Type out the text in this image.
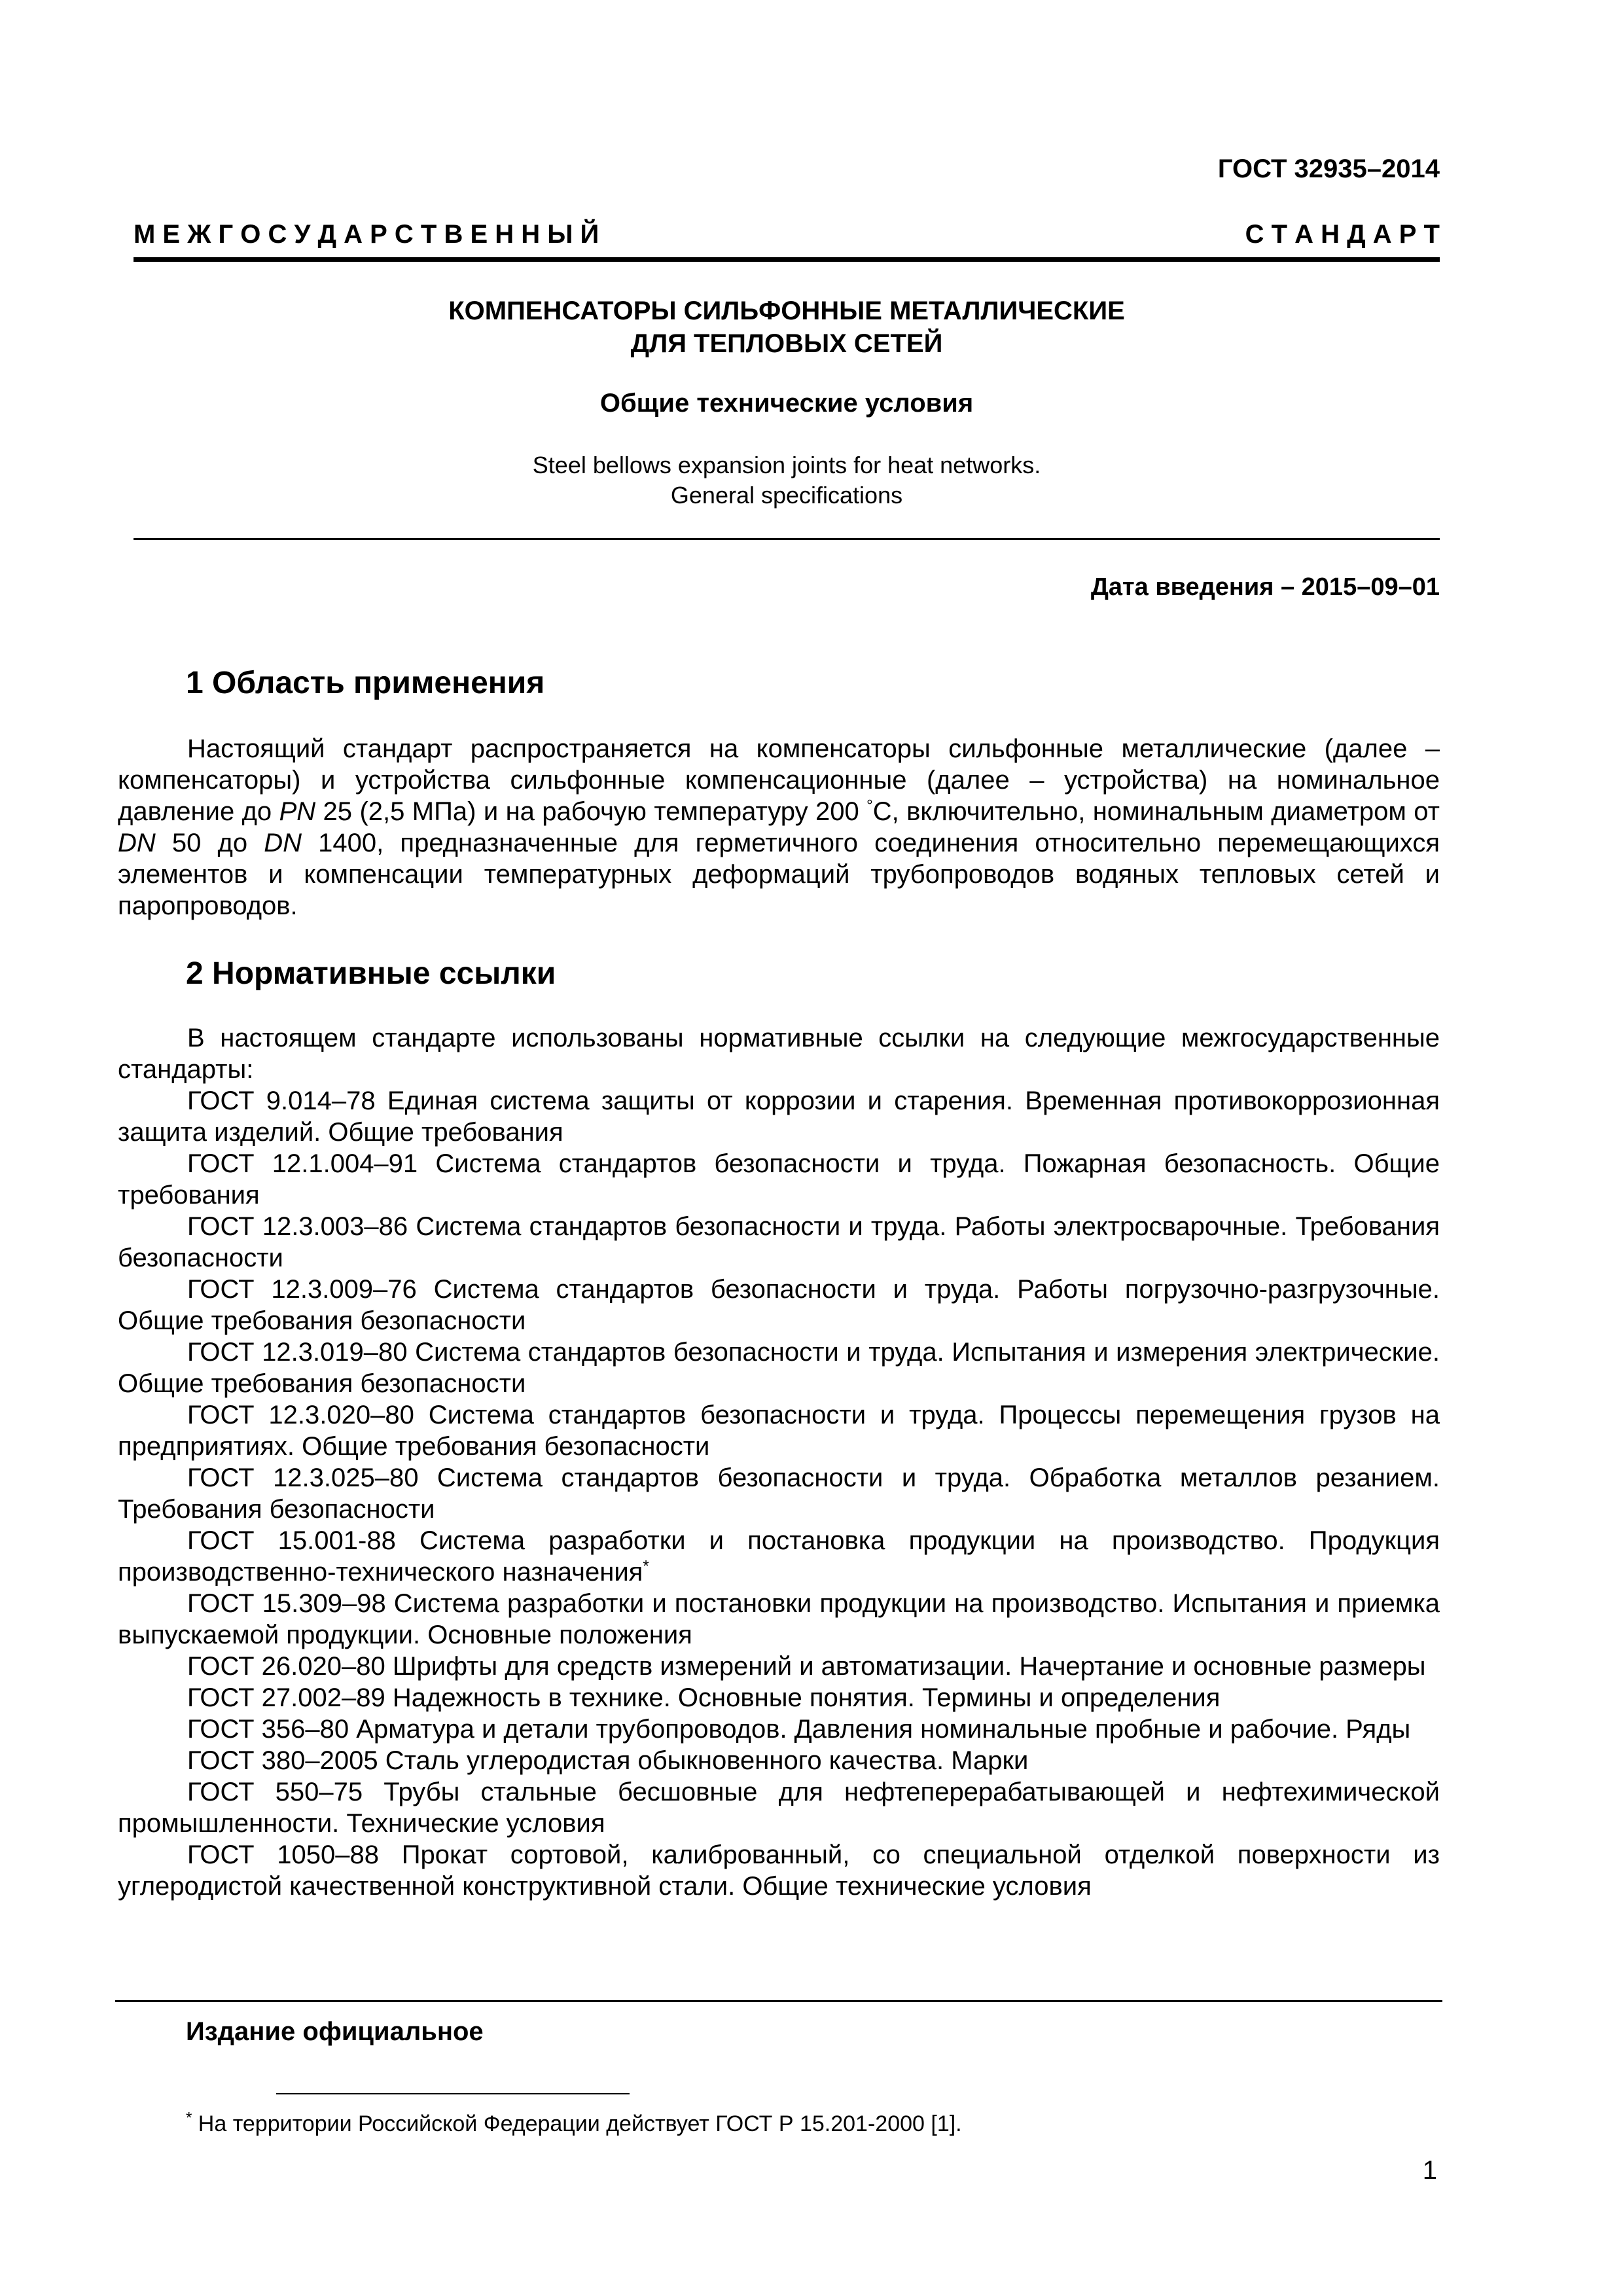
ГОСТ 32935–2014
М Е Ж Г О С У Д А Р С Т В Е Н Н Ы Й	С Т А Н Д А Р Т
КОМПЕНСАТОРЫ СИЛЬФОННЫЕ МЕТАЛЛИЧЕСКИЕ
ДЛЯ ТЕПЛОВЫХ СЕТЕЙ
Общие технические условия
Steel bellows expansion joints for heat networks.
General specifications
Дата введения – 2015–09–01
1 Область применения

Настоящий стандарт распространяется на компенсаторы сильфонные металлические (далее – компенсаторы) и устройства сильфонные компенсационные (далее – устройства) на номинальное давление до PN 25 (2,5 МПа) и на рабочую температуру 200 °С, включительно, номинальным диаметром от DN 50 до DN 1400, предназначенные для герметичного соединения относительно перемещающихся элементов и компенсации температурных деформаций трубопроводов водяных тепловых сетей и паропроводов.

2 Нормативные ссылки

В настоящем стандарте использованы нормативные ссылки на следующие межгосударственные стандарты:

ГОСТ 9.014–78 Единая система защиты от коррозии и старения. Временная противокоррозионная защита изделий. Общие требования

ГОСТ 12.1.004–91 Система стандартов безопасности и труда. Пожарная безопасность. Общие требования

ГОСТ 12.3.003–86 Система стандартов безопасности и труда. Работы электросварочные. Требования безопасности

ГОСТ 12.3.009–76 Система стандартов безопасности и труда. Работы погрузочно-разгрузочные. Общие требования безопасности

ГОСТ 12.3.019–80 Система стандартов безопасности и труда. Испытания и измерения электрические. Общие требования безопасности

ГОСТ 12.3.020–80 Система стандартов безопасности и труда. Процессы перемещения грузов на предприятиях. Общие требования безопасности

ГОСТ 12.3.025–80 Система стандартов безопасности и труда. Обработка металлов резанием. Требования безопасности

ГОСТ 15.001-88 Система разработки и постановка продукции на производство. Продукция производственно-технического назначения*

ГОСТ 15.309–98 Система разработки и постановки продукции на производство. Испытания и приемка выпускаемой продукции. Основные положения

ГОСТ 26.020–80 Шрифты для средств измерений и автоматизации. Начертание и основные размеры

ГОСТ 27.002–89 Надежность в технике. Основные понятия. Термины и определения

ГОСТ 356–80 Арматура и детали трубопроводов. Давления номинальные пробные и рабочие. Ряды

ГОСТ 380–2005 Сталь углеродистая обыкновенного качества. Марки

ГОСТ 550–75 Трубы стальные бесшовные для нефтеперерабатывающей и нефтехимической промышленности. Технические условия

ГОСТ 1050–88 Прокат сортовой, калиброванный, со специальной отделкой поверхности из углеродистой качественной конструктивной стали. Общие технические условия

Издание официальное
* На территории Российской Федерации действует ГОСТ Р 15.201-2000 [1].
1
